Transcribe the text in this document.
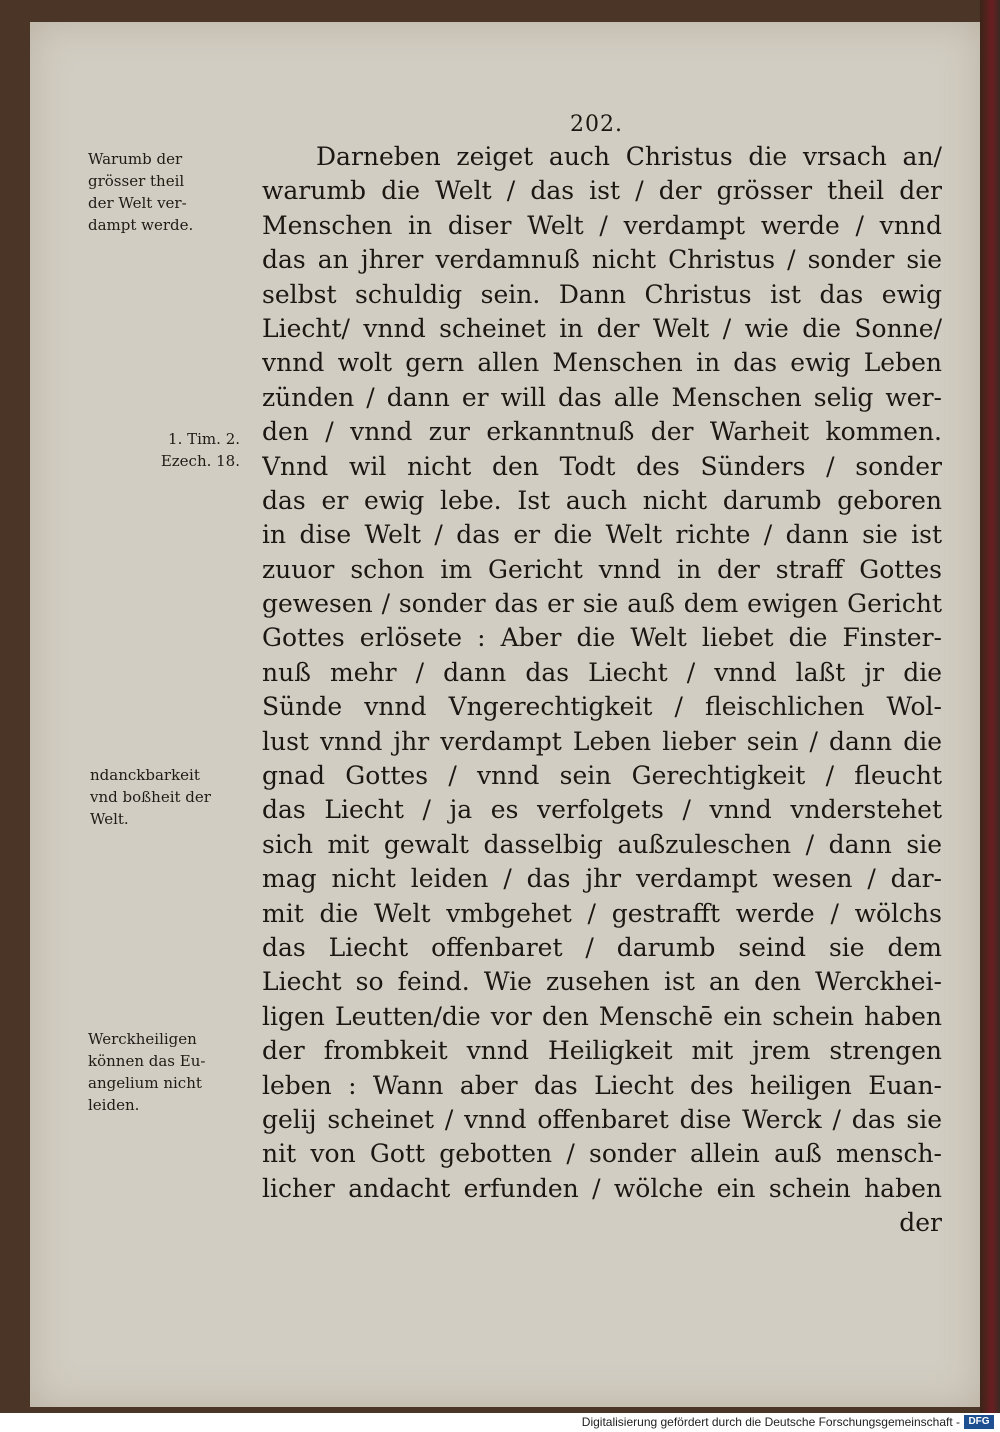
202.
Darneben zeiget auch Christus die vrsach an/
warumb die Welt / das ist / der grösser theil der
Menschen in diser Welt / verdampt werde / vnnd
das an jhrer verdamnuß nicht Christus / sonder sie
selbst schuldig sein. Dann Christus ist das ewig
Liecht/ vnnd scheinet in der Welt / wie die Sonne/
vnnd wolt gern allen Menschen in das ewig Leben
zünden / dann er will das alle Menschen selig wer-
den / vnnd zur erkanntnuß der Warheit kommen.
Vnnd wil nicht den Todt des Sünders / sonder
das er ewig lebe. Ist auch nicht darumb geboren
in dise Welt / das er die Welt richte / dann sie ist
zuuor schon im Gericht vnnd in der straff Gottes
gewesen / sonder das er sie auß dem ewigen Gericht
Gottes erlösete : Aber die Welt liebet die Finster-
nuß mehr / dann das Liecht / vnnd laßt jr die
Sünde vnnd Vngerechtigkeit / fleischlichen Wol-
lust vnnd jhr verdampt Leben lieber sein / dann die
gnad Gottes / vnnd sein Gerechtigkeit / fleucht
das Liecht / ja es verfolgets / vnnd vnderstehet
sich mit gewalt dasselbig außzuleschen / dann sie
mag nicht leiden / das jhr verdampt wesen / dar-
mit die Welt vmbgehet / gestrafft werde / wölchs
das Liecht offenbaret / darumb seind sie dem
Liecht so feind. Wie zusehen ist an den Werckhei-
ligen Leutten/die vor den Menschē ein schein haben
der frombkeit vnnd Heiligkeit mit jrem strengen
leben : Wann aber das Liecht des heiligen Euan-
gelij scheinet / vnnd offenbaret dise Werck / das sie
nit von Gott gebotten / sonder allein auß mensch-
licher andacht erfunden / wölche ein schein haben
der
Warumb der
grösser theil
der Welt ver-
dampt werde.
1. Tim. 2.
Ezech. 18.
ndanckbarkeit
vnd boßheit der
Welt.
Werckheiligen
können das Eu-
angelium nicht
leiden.
Digitalisierung gefördert durch die Deutsche Forschungsgemeinschaft - DFG
